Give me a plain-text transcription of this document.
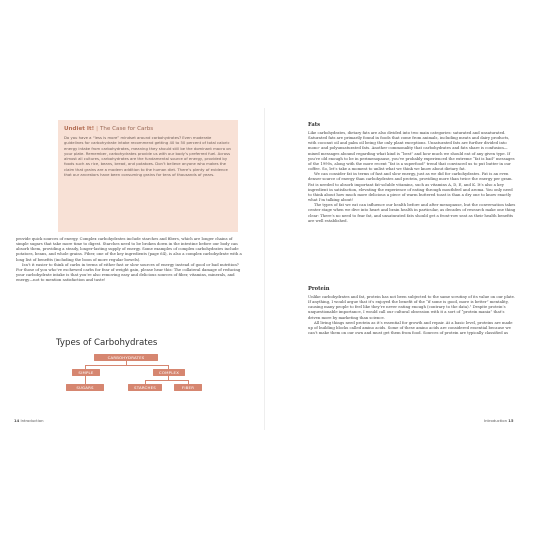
Undiet It! | The Case for Carbs

Do you have a “less is more” mindset around carbohydrates? Even moderate guidelines for carbohydrate intake recommend getting 40 to 50 percent of total caloric energy intake from carbohydrates, meaning they should still be the dominant macro on your plate. Remember, carbohydrates provide us with our body’s preferred fuel. Across almost all cultures, carbohydrates are the fundamental source of energy, provided by foods such as rice, beans, bread, and potatoes. Don’t believe anyone who makes the claim that grains are a modern addition to the human diet. There’s plenty of evidence that our ancestors have been consuming grains for tens of thousands of years.

provide quick sources of energy. Complex carbohydrates include starches and fibers, which are longer chains of simple sugars that take more time to digest. Starches need to be broken down in the intestine before our body can absorb them, providing a steady, longer-lasting supply of energy. Some examples of complex carbohydrates include potatoes, beans, and whole grains. Fiber, one of the key ingredients (page 64), is also a complex carbohydrate with a long list of benefits (including the boon of more regular bowels).

Isn’t it easier to think of carbs in terms of either fast or slow sources of energy instead of good or bad nutrition? For those of you who’ve eschewed carbs for fear of weight gain, please hear this: The collateral damage of reducing your carbohydrate intake is that you’re also removing easy and delicious sources of fiber, vitamins, minerals, and energy—not to mention satisfaction and taste!

Types of Carbohydrates
CARBOHYDRATES
SIMPLE	COMPLEX
SUGARS	STARCHES	FIBER
Fats

Like carbohydrates, dietary fats are also divided into two main categories: saturated and unsaturated. Saturated fats are primarily found in foods that come from animals, including meats and dairy products, with coconut oil and palm oil being the only plant exceptions. Unsaturated fats are further divided into mono- and polyunsaturated fats. Another commonality that carbohydrates and fats share is confusion—mixed messages abound regarding what kind is “best” and how much we should eat of any given type. If you’re old enough to be in perimenopause, you’ve probably experienced the extreme “fat is bad” messages of the 1990s, along with the more recent “fat is a superfood” trend that convinced us to put butter in our coffee. So, let’s take a moment to unlist what we think we know about dietary fat.

We can consider fat in terms of fast and slow energy, just as we did for carbohydrates. Fat is an even denser source of energy than carbohydrates and protein, providing more than twice the energy per gram. Fat is needed to absorb important fat-soluble vitamins, such as vitamins A, D, E, and K. It’s also a key ingredient in satisfaction, elevating the experience of eating through mouthfeel and aroma. You only need to think about how much more delicious a piece of warm buttered toast is than a dry one to know exactly what I’m talking about!

The types of fat we eat can influence our health before and after menopause, but the conversation takes center stage when we dive into heart and brain health in particular, as decades of research make one thing clear: There’s no need to fear fat, and unsaturated fats should get a front-row seat as their health benefits are well established.

Protein

Unlike carbohydrates and fat, protein has not been subjected to the same scrutiny of its value on our plate. If anything, I would argue that it’s enjoyed the benefit of the “if some is good, more is better” mentality, causing many people to feel like they’re never eating enough (contrary to the data).¹ Despite protein’s unquestionable importance, I would call our cultural obsession with it a sort of “protein mania” that’s driven more by marketing than science.

All living things need protein as it’s essential for growth and repair. At a basic level, proteins are made up of building blocks called amino acids. Some of these amino acids are considered essential because we can’t make them on our own and must get them from food. Sources of protein are typically classified as

14 Introduction	Introduction 15
